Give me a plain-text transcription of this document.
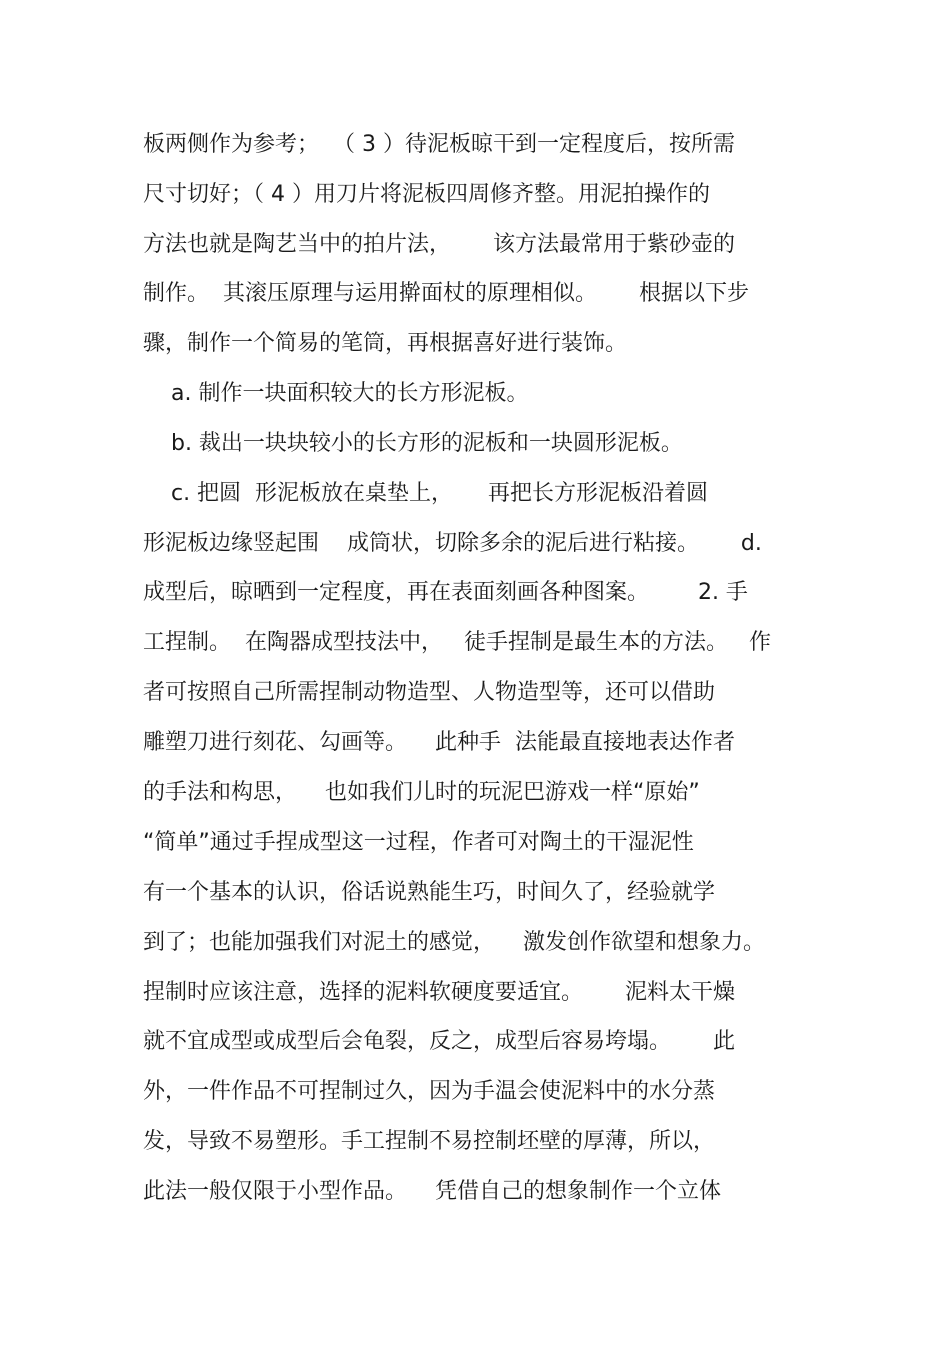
板两侧作为参考；  （ 3 ）待泥板晾干到一定程度后，按所需
尺寸切好；（ 4 ）用刀片将泥板四周修齐整。用泥拍操作的
方法也就是陶艺当中的拍片法，      该方法最常用于紫砂壶的
制作。  其滚压原理与运用擀面杖的原理相似。      根据以下步
骤，制作一个简易的笔筒，再根据喜好进行装饰。
a. 制作一块面积较大的长方形泥板。
b. 裁出一块块较小的长方形的泥板和一块圆形泥板。
c. 把圆  形泥板放在桌垫上，     再把长方形泥板沿着圆
形泥板边缘竖起围    成筒状，切除多余的泥后进行粘接。      d.
成型后，晾晒到一定程度，再在表面刻画各种图案。       2. 手
工捏制。  在陶器成型技法中，   徒手捏制是最生本的方法。   作
者可按照自己所需捏制动物造型、人物造型等，还可以借助
雕塑刀进行刻花、勾画等。    此种手  法能最直接地表达作者
的手法和构思，    也如我们儿时的玩泥巴游戏一样“原始”
“简单”通过手捏成型这一过程，作者可对陶土的干湿泥性
有一个基本的认识，俗话说熟能生巧，时间久了，经验就学
到了；也能加强我们对泥土的感觉，    激发创作欲望和想象力。
捏制时应该注意，选择的泥料软硬度要适宜。      泥料太干燥
就不宜成型或成型后会龟裂，反之，成型后容易垮塌。      此
外，一件作品不可捏制过久，因为手温会使泥料中的水分蒸
发，导致不易塑形。手工捏制不易控制坯壁的厚薄，所以，
此法一般仅限于小型作品。    凭借自己的想象制作一个立体
